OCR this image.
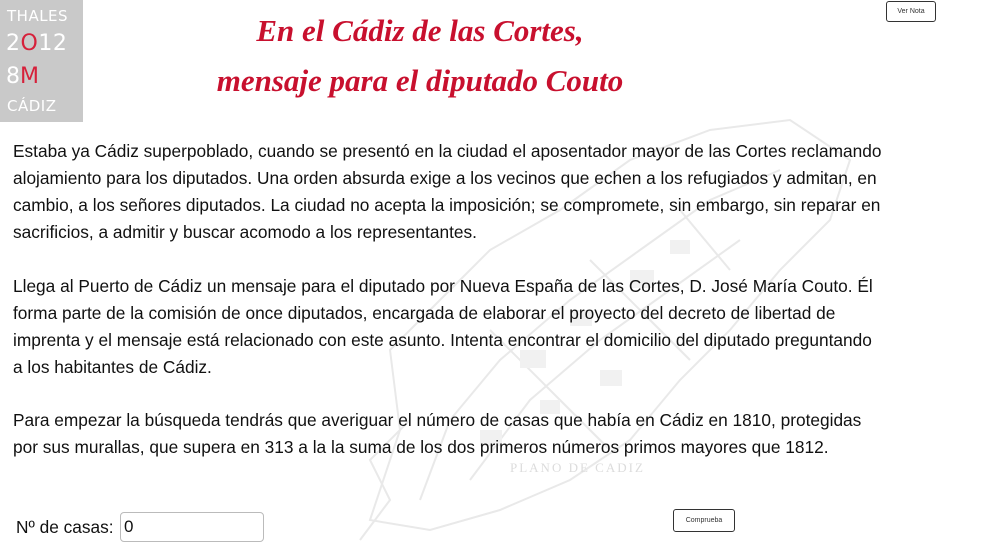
PLANO DE CADIZ
THALES
2O12
8M
CÁDIZ
En el Cádiz de las Cortes,
mensaje para el diputado Couto
Ver Nota
Estaba ya Cádiz superpoblado, cuando se presentó en la ciudad el aposentador mayor de las Cortes reclamando alojamiento para los diputados. Una orden absurda exige a los vecinos que echen a los refugiados y admitan, en cambio, a los señores diputados. La ciudad no acepta la imposición; se compromete, sin embargo, sin reparar en sacrificios, a admitir y buscar acomodo a los representantes.
Llega al Puerto de Cádiz un mensaje para el diputado por Nueva España de las Cortes, D. José María Couto. Él forma parte de la comisión de once diputados, encargada de elaborar el proyecto del decreto de libertad de imprenta y el mensaje está relacionado con este asunto. Intenta encontrar el domicilio del diputado preguntando a los habitantes de Cádiz.
Para empezar la búsqueda tendrás que averiguar el número de casas que había en Cádiz en 1810, protegidas por sus murallas, que supera en 313 a la la suma de los dos primeros números primos mayores que 1812.
Nº de casas:
0	Comprueba
